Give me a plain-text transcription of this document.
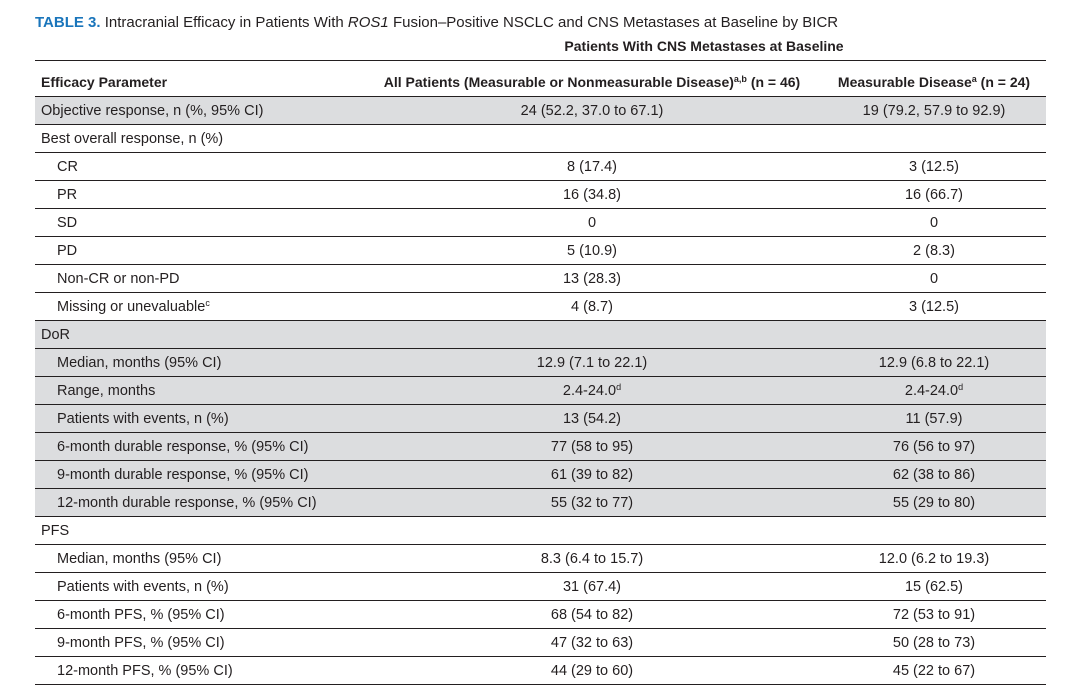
TABLE 3. Intracranial Efficacy in Patients With ROS1 Fusion–Positive NSCLC and CNS Metastases at Baseline by BICR
Patients With CNS Metastases at Baseline
Efficacy Parameter	All Patients (Measurable or Nonmeasurable Disease)$^{a,b}$ (n = 46)	Measurable Disease$^a$ (n = 24)
Objective response, n (%, 95% CI)	24 (52.2, 37.0 to 67.1)	19 (79.2, 57.9 to 92.9)
Best overall response, n (%)		
CR	8 (17.4)	3 (12.5)
PR	16 (34.8)	16 (66.7)
SD	0	0
PD	5 (10.9)	2 (8.3)
Non-CR or non-PD	13 (28.3)	0
Missing or unevaluable$^c$	4 (8.7)	3 (12.5)
DoR		
Median, months (95% CI)	12.9 (7.1 to 22.1)	12.9 (6.8 to 22.1)
Range, months	2.4-24.0$^d$	2.4-24.0$^d$
Patients with events, n (%)	13 (54.2)	11 (57.9)
6-month durable response, % (95% CI)	77 (58 to 95)	76 (56 to 97)
9-month durable response, % (95% CI)	61 (39 to 82)	62 (38 to 86)
12-month durable response, % (95% CI)	55 (32 to 77)	55 (29 to 80)
PFS		
Median, months (95% CI)	8.3 (6.4 to 15.7)	12.0 (6.2 to 19.3)
Patients with events, n (%)	31 (67.4)	15 (62.5)
6-month PFS, % (95% CI)	68 (54 to 82)	72 (53 to 91)
9-month PFS, % (95% CI)	47 (32 to 63)	50 (28 to 73)
12-month PFS, % (95% CI)	44 (29 to 60)	45 (22 to 67)
